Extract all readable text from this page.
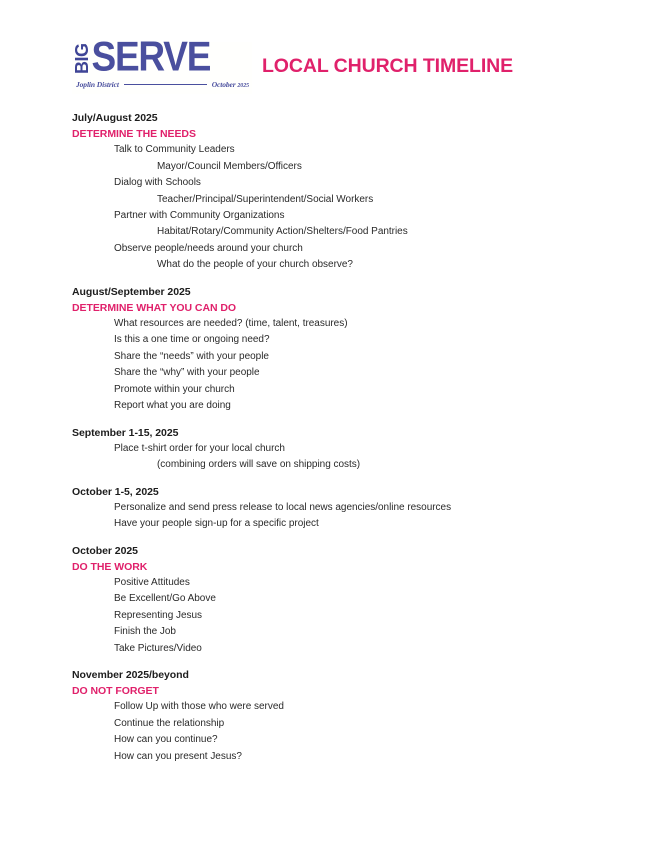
BIG SERVE
Joplin District	October 2025
LOCAL CHURCH TIMELINE
July/August 2025
DETERMINE THE NEEDS
Talk to Community Leaders
Mayor/Council Members/Officers
Dialog with Schools
Teacher/Principal/Superintendent/Social Workers
Partner with Community Organizations
Habitat/Rotary/Community Action/Shelters/Food Pantries
Observe people/needs around your church
What do the people of your church observe?
August/September 2025
DETERMINE WHAT YOU CAN DO
What resources are needed? (time, talent, treasures)
Is this a one time or ongoing need?
Share the “needs” with your people
Share the “why” with your people
Promote within your church
Report what you are doing
September 1-15, 2025
Place t-shirt order for your local church
(combining orders will save on shipping costs)
October 1-5, 2025
Personalize and send press release to local news agencies/online resources
Have your people sign-up for a specific project
October 2025
DO THE WORK
Positive Attitudes
Be Excellent/Go Above
Representing Jesus
Finish the Job
Take Pictures/Video
November 2025/beyond
DO NOT FORGET
Follow Up with those who were served
Continue the relationship
How can you continue?
How can you present Jesus?
